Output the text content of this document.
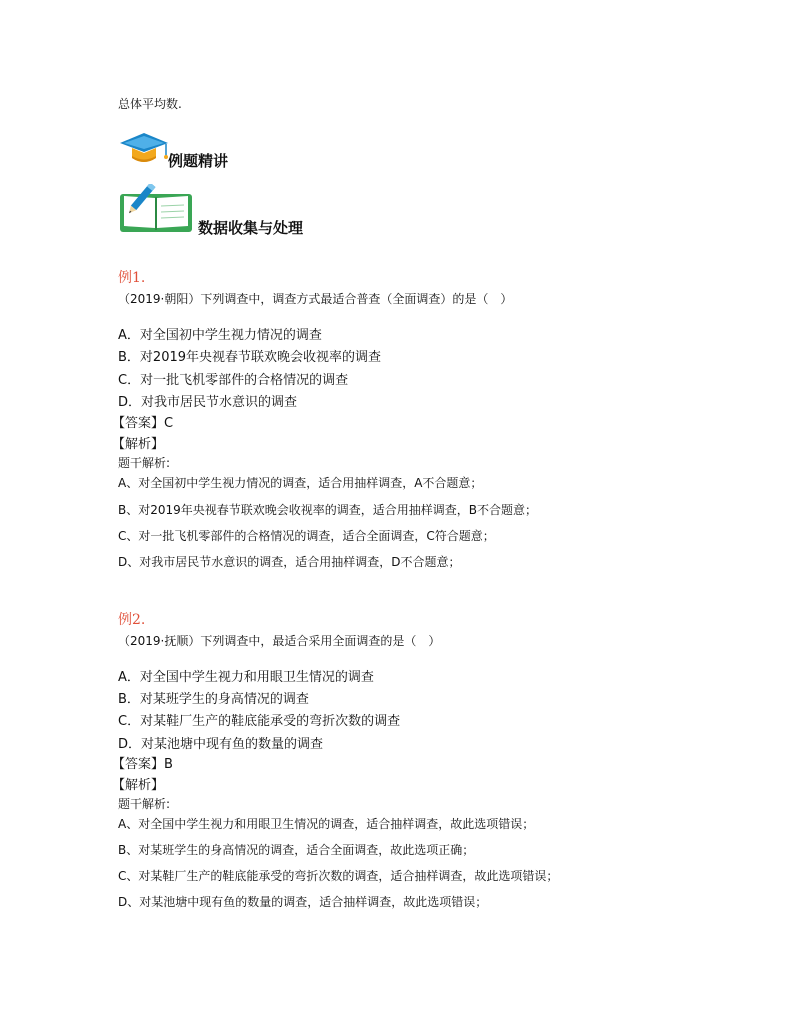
总体平均数.
例题精讲
数据收集与处理
例1.
（2019·朝阳）下列调查中，调查方式最适合普查（全面调查）的是（　）
A．对全国初中学生视力情况的调查
B．对2019年央视春节联欢晚会收视率的调查
C．对一批飞机零部件的合格情况的调查
D．对我市居民节水意识的调查
【答案】C
【解析】
题干解析:
A、对全国初中学生视力情况的调查，适合用抽样调查，A不合题意；
B、对2019年央视春节联欢晚会收视率的调查，适合用抽样调查，B不合题意；
C、对一批飞机零部件的合格情况的调查，适合全面调查，C符合题意；
D、对我市居民节水意识的调查，适合用抽样调查，D不合题意；
例2.
（2019·抚顺）下列调查中，最适合采用全面调查的是（　）
A．对全国中学生视力和用眼卫生情况的调查
B．对某班学生的身高情况的调查
C．对某鞋厂生产的鞋底能承受的弯折次数的调查
D．对某池塘中现有鱼的数量的调查
【答案】B
【解析】
题干解析:
A、对全国中学生视力和用眼卫生情况的调查，适合抽样调查，故此选项错误；
B、对某班学生的身高情况的调查，适合全面调查，故此选项正确；
C、对某鞋厂生产的鞋底能承受的弯折次数的调查，适合抽样调查，故此选项错误；
D、对某池塘中现有鱼的数量的调查，适合抽样调查，故此选项错误；
